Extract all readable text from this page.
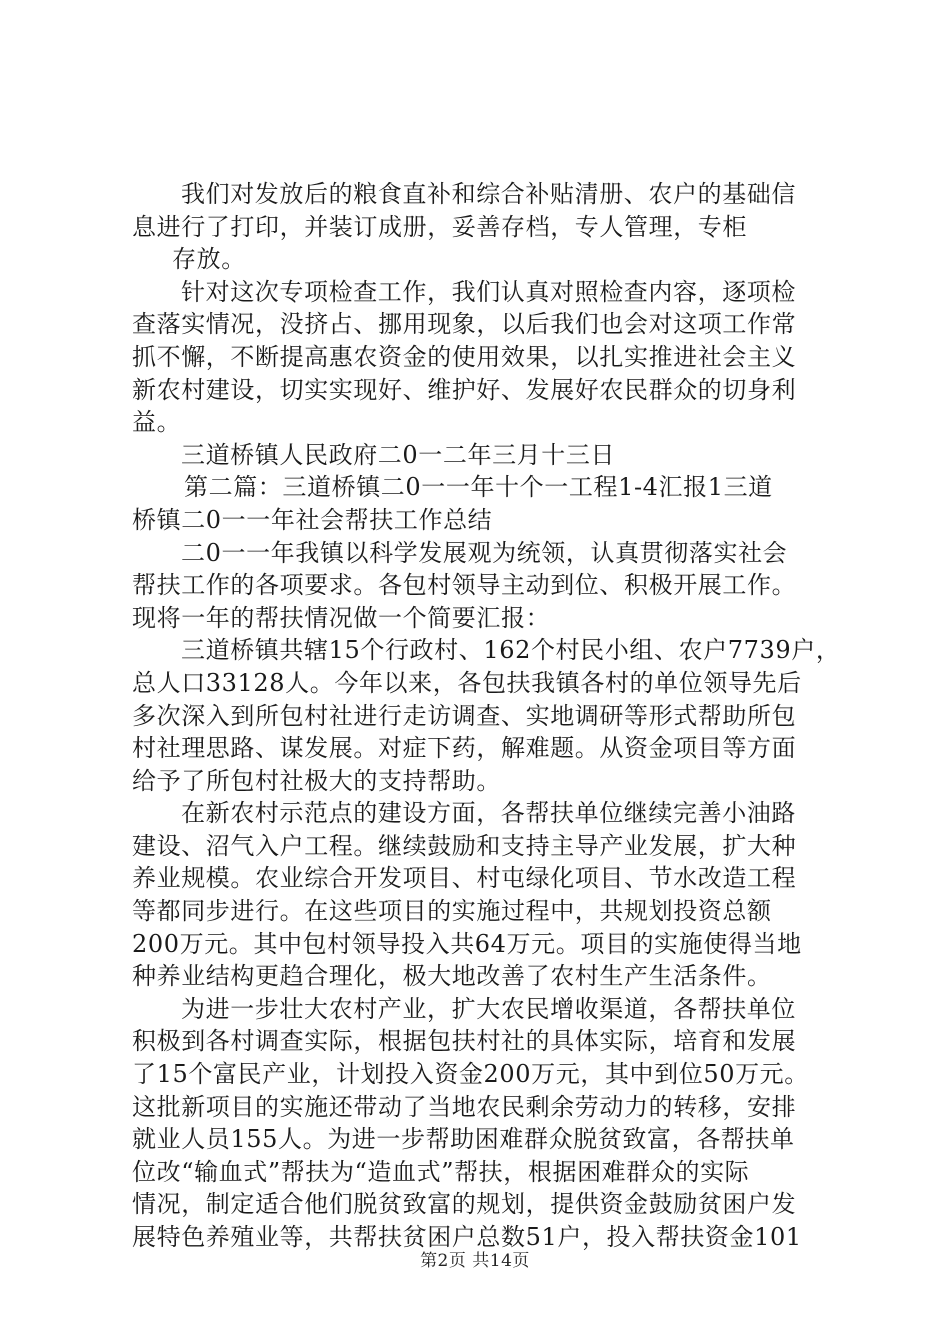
我们对发放后的粮食直补和综合补贴清册、农户的基础信
息进行了打印，并装订成册，妥善存档，专人管理，专柜
存放。
针对这次专项检查工作，我们认真对照检查内容，逐项检
查落实情况，没挤占、挪用现象，以后我们也会对这项工作常
抓不懈，不断提高惠农资金的使用效果，以扎实推进社会主义
新农村建设，切实实现好、维护好、发展好农民群众的切身利
益。
三道桥镇人民政府二0一二年三月十三日
第二篇：三道桥镇二0一一年十个一工程1-4汇报1三道
桥镇二0一一年社会帮扶工作总结
二0一一年我镇以科学发展观为统领，认真贯彻落实社会
帮扶工作的各项要求。各包村领导主动到位、积极开展工作。
现将一年的帮扶情况做一个简要汇报：
三道桥镇共辖15个行政村、162个村民小组、农户7739户，
总人口33128人。今年以来，各包扶我镇各村的单位领导先后
多次深入到所包村社进行走访调查、实地调研等形式帮助所包
村社理思路、谋发展。对症下药，解难题。从资金项目等方面
给予了所包村社极大的支持帮助。
在新农村示范点的建设方面，各帮扶单位继续完善小油路
建设、沼气入户工程。继续鼓励和支持主导产业发展，扩大种
养业规模。农业综合开发项目、村屯绿化项目、节水改造工程
等都同步进行。在这些项目的实施过程中，共规划投资总额
200万元。其中包村领导投入共64万元。项目的实施使得当地
种养业结构更趋合理化，极大地改善了农村生产生活条件。
为进一步壮大农村产业，扩大农民增收渠道，各帮扶单位
积极到各村调查实际，根据包扶村社的具体实际，培育和发展
了15个富民产业，计划投入资金200万元，其中到位50万元。
这批新项目的实施还带动了当地农民剩余劳动力的转移，安排
就业人员155人。为进一步帮助困难群众脱贫致富，各帮扶单
位改“输血式”帮扶为“造血式”帮扶，根据困难群众的实际
情况，制定适合他们脱贫致富的规划，提供资金鼓励贫困户发
展特色养殖业等，共帮扶贫困户总数51户，投入帮扶资金101
第2页 共14页
